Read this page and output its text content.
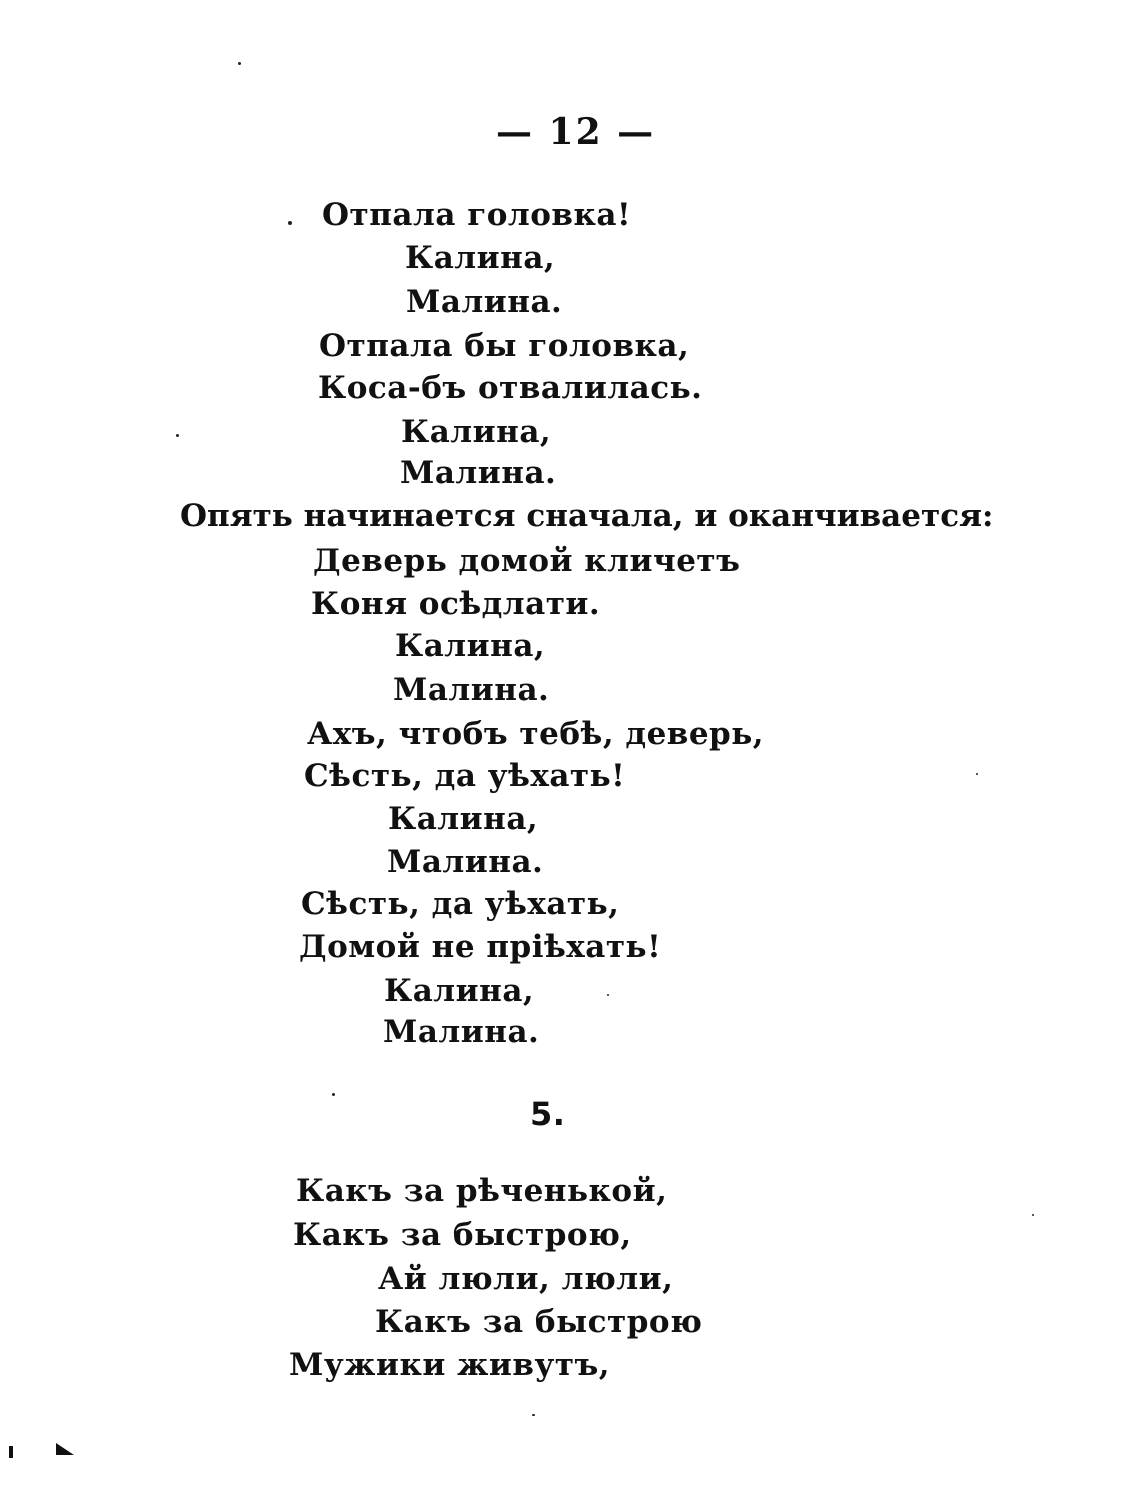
— 12 —
Отпала головка!
Калина,
Малина.
Отпала бы головка,
Коса-бъ отвалилась.
Калина,
Малина.
Опять начинается сначала, и оканчивается:
Деверь домой кличетъ
Коня осѣдлати.
Калина,
Малина.
Ахъ, чтобъ тебѣ, деверь,
Сѣсть, да уѣхать!
Калина,
Малина.
Сѣсть, да уѣхать,
Домой не пріѣхать!
Калина,
Малина.
5.
Какъ за рѣченькой,
Какъ за быстрою,
Ай люли, люли,
Какъ за быстрою
Мужики живутъ,
